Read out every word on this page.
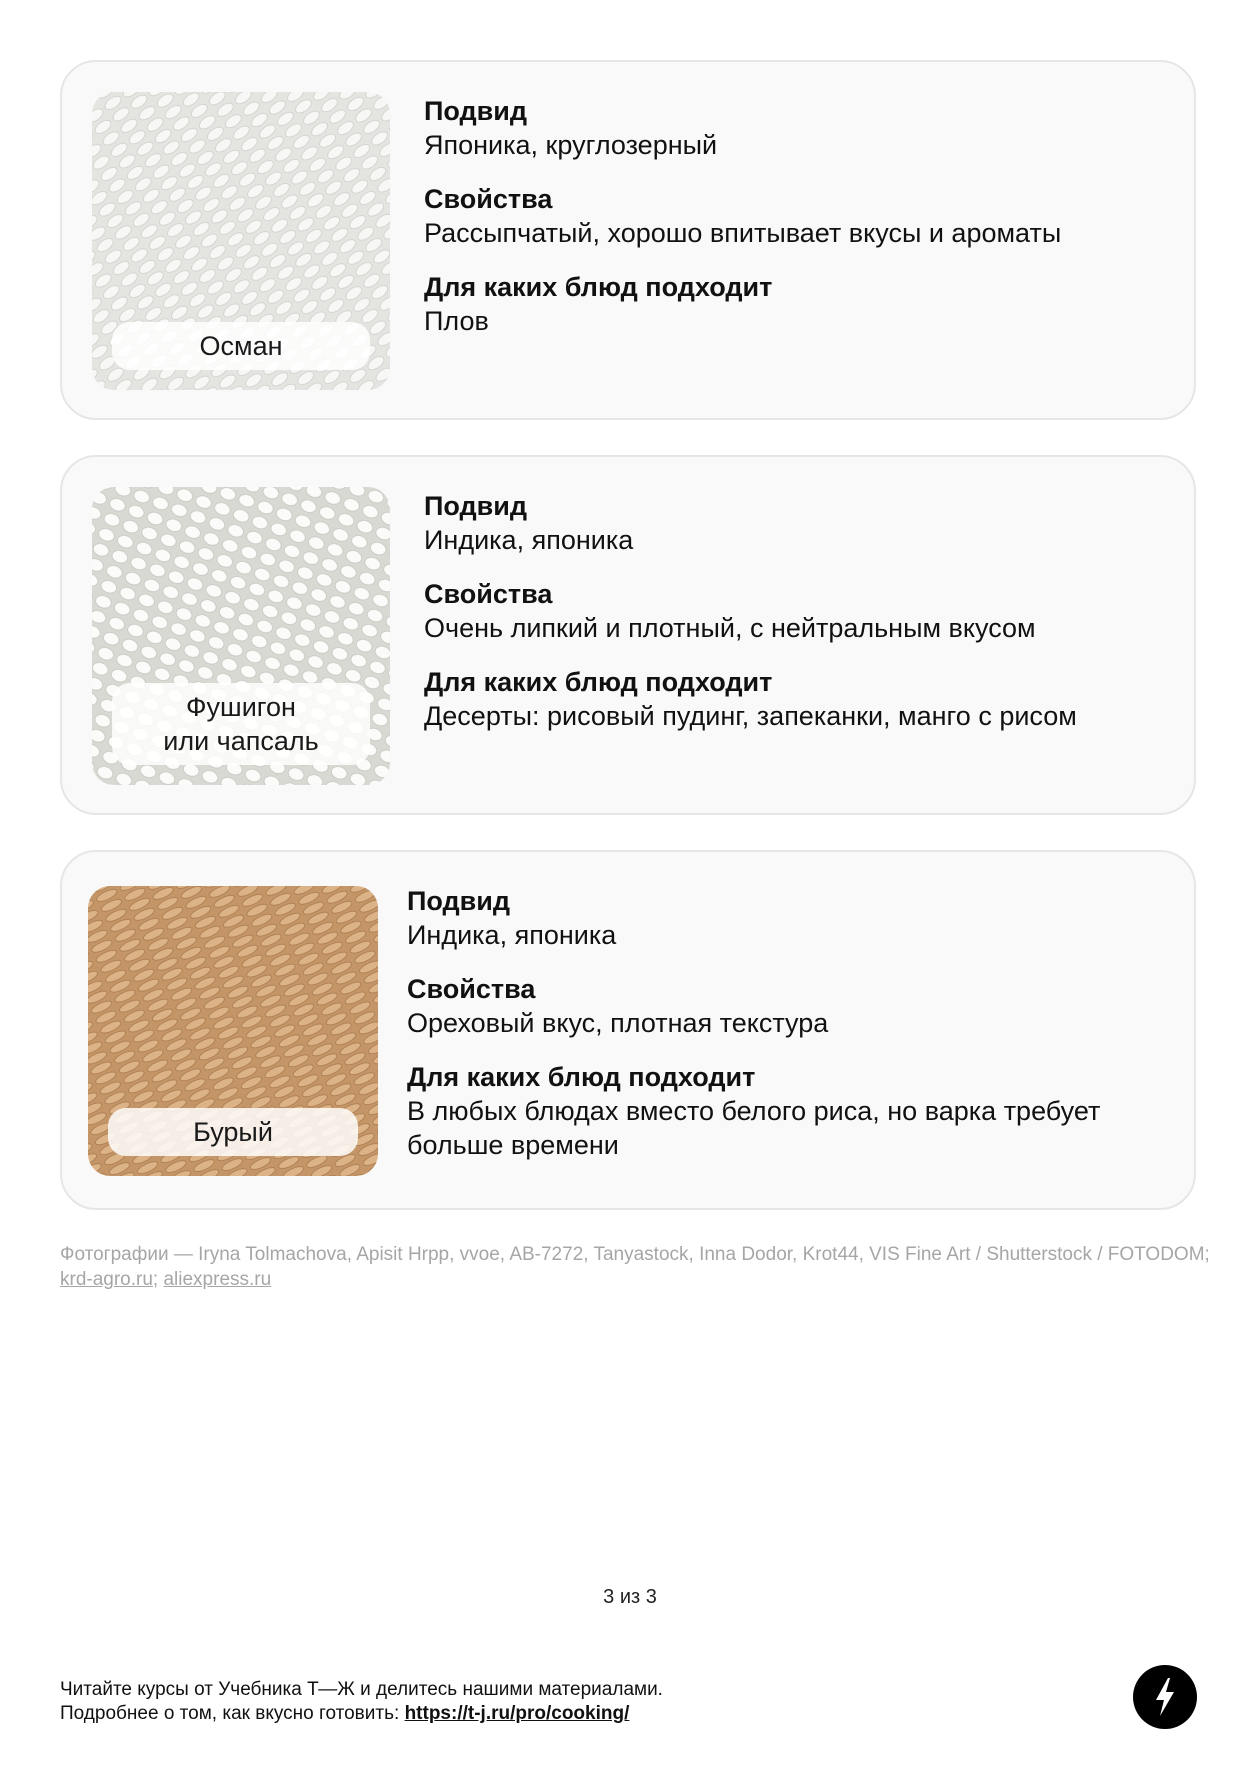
Осман

Подвид

Японика, круглозерный

Свойства

Рассыпчатый, хорошо впитывает вкусы и ароматы

Для каких блюд подходит

Плов

Фушигон
или чапсаль

Подвид

Индика, японика

Свойства

Очень липкий и плотный, с нейтральным вкусом

Для каких блюд подходит

Десерты: рисовый пудинг, запеканки, манго с рисом

Бурый

Подвид

Индика, японика

Свойства

Ореховый вкус, плотная текстура

Для каких блюд подходит

В любых блюдах вместо белого риса, но варка требует больше времени

Фотографии — Iryna Tolmachova, Apisit Hrpp, vvoe, AB-7272, Tanyastock, Inna Dodor, Krot44, VIS Fine Art / Shutterstock / FOTODOM; krd-agro.ru; aliexpress.ru
3 из 3
Читайте курсы от Учебника Т—Ж и делитесь нашими материалами.
Подробнее о том, как вкусно готовить: https://t-j.ru/pro/cooking/
